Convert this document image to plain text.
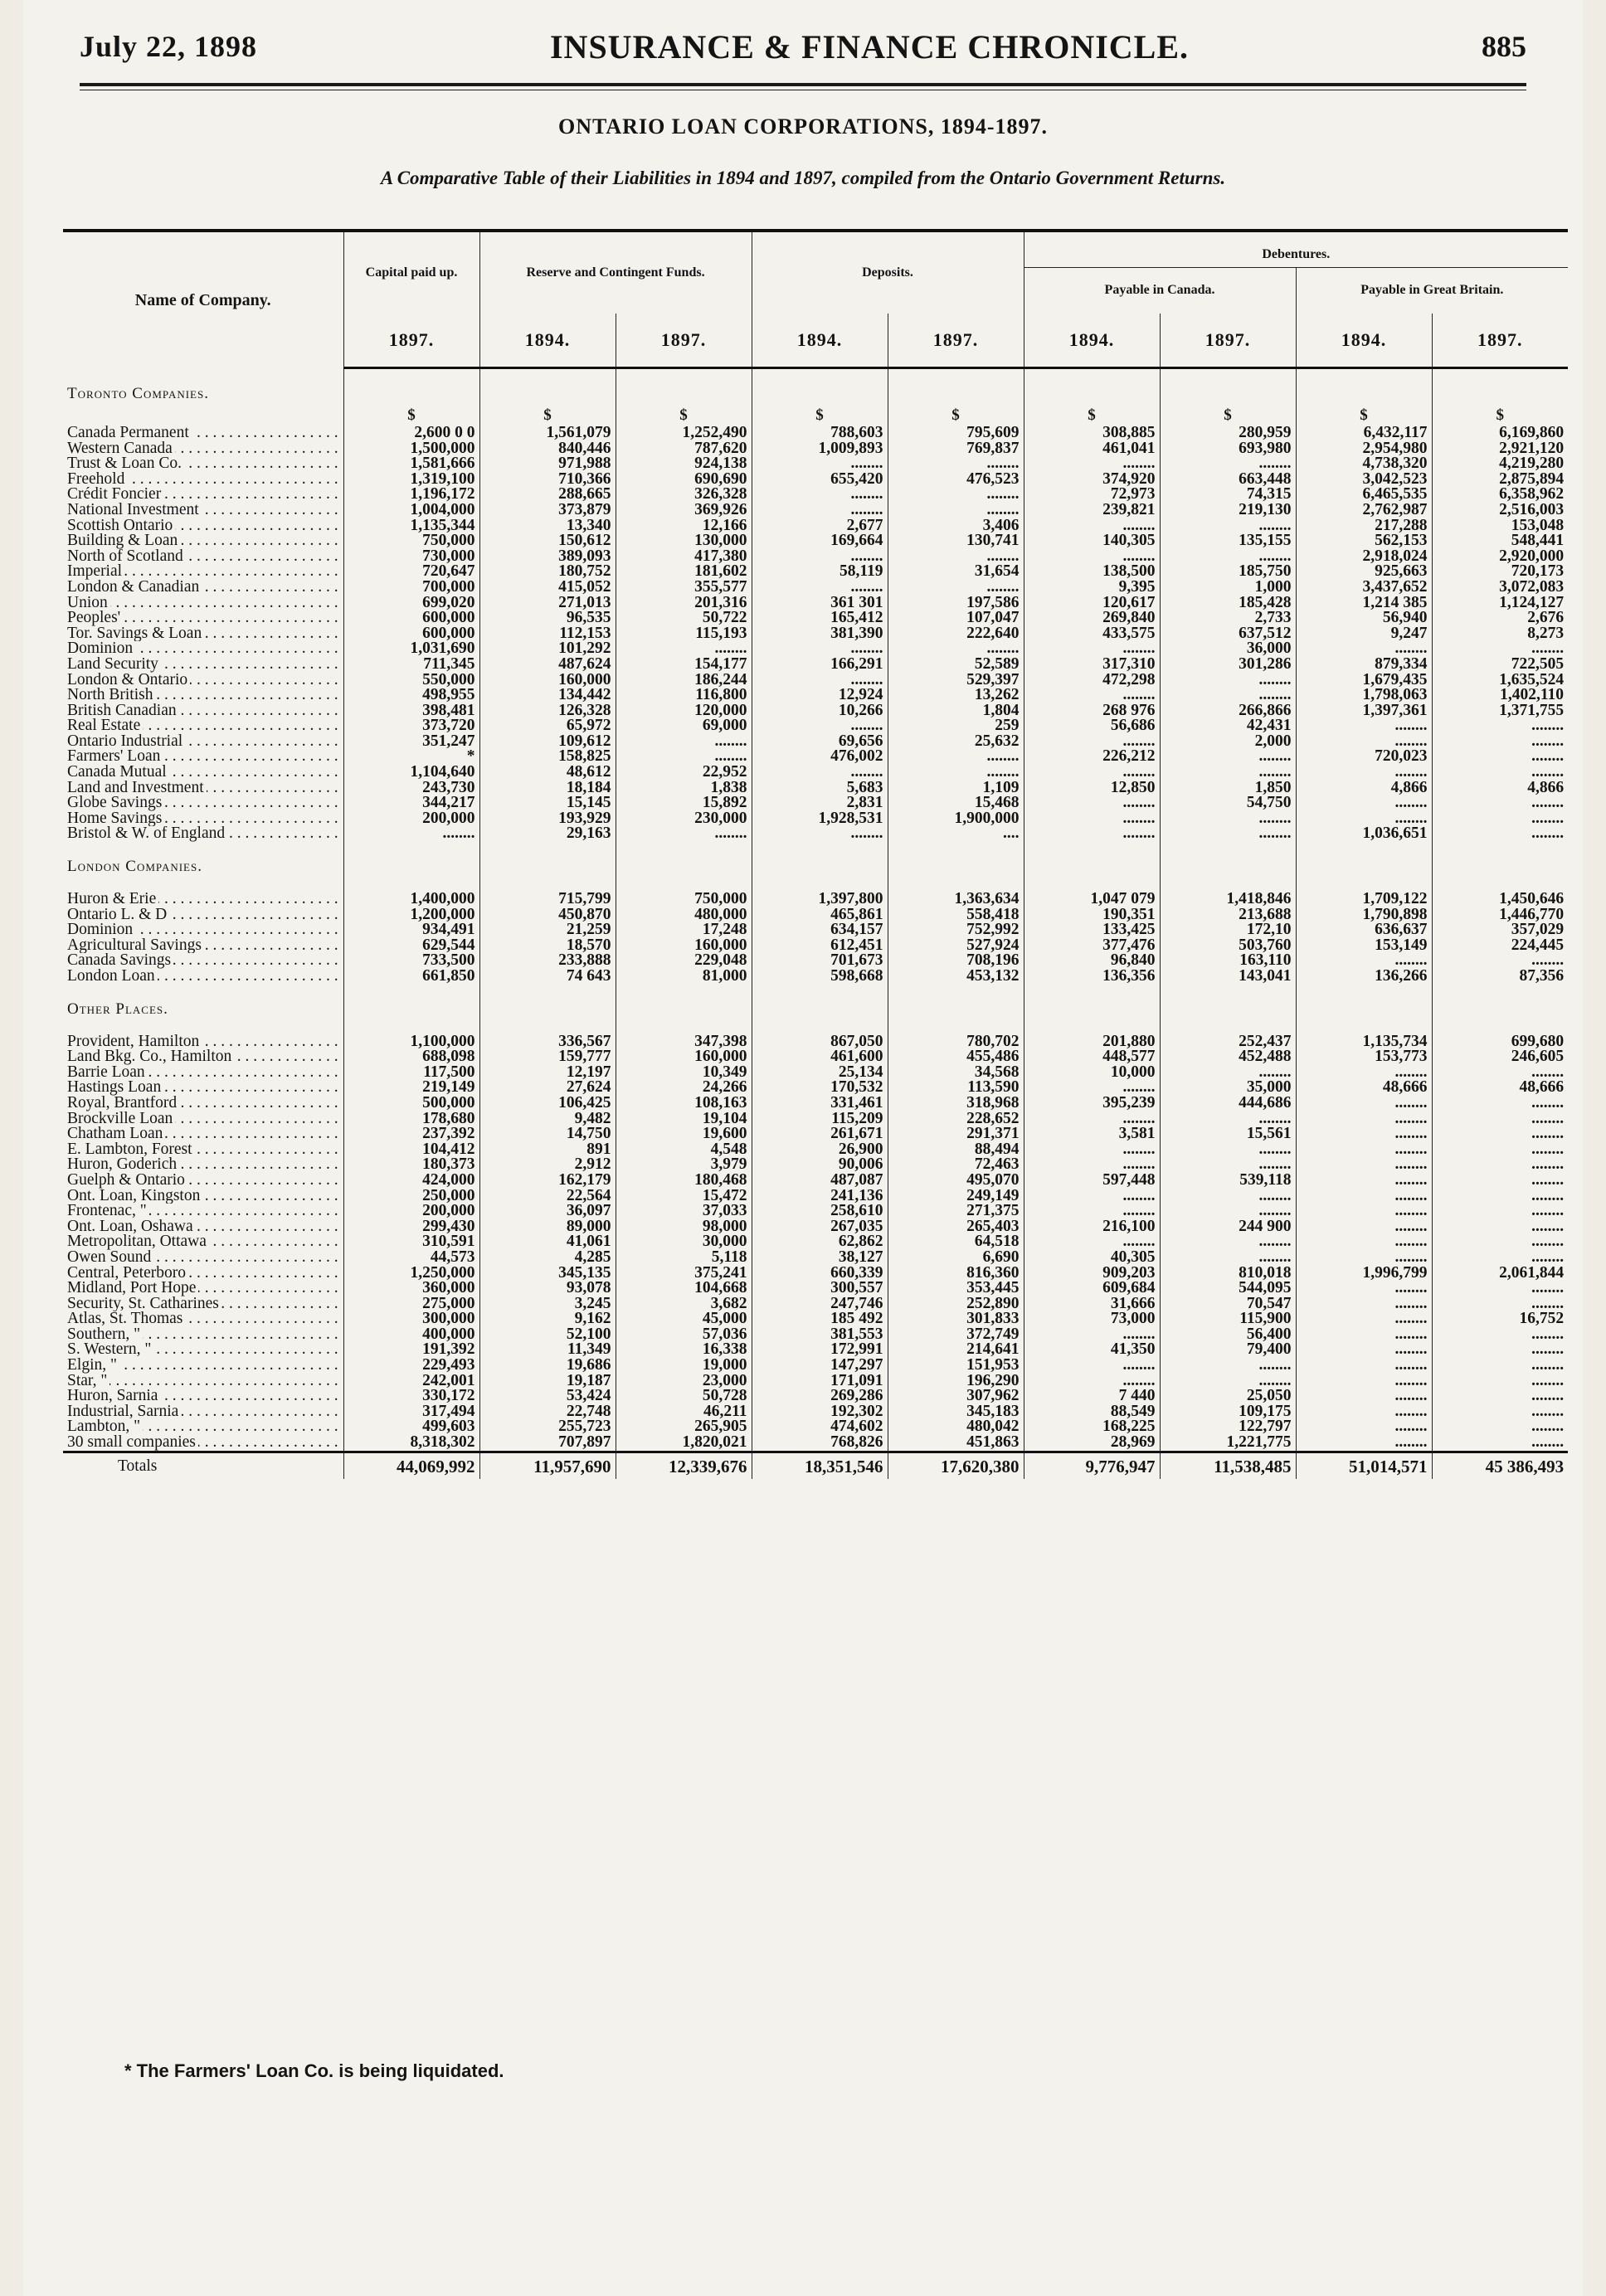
July 22, 1898	INSURANCE & FINANCE CHRONICLE.	885
ONTARIO LOAN CORPORATIONS, 1894-1897.
A Comparative Table of their Liabilities in 1894 and 1897, compiled from the Ontario Government Returns.
Name of Company.	Capital paid up.	Reserve and Contingent Funds.		Deposits.		Debentures.			
						Payable in Canada.		Payable in Great Britain.	
	1897.	1894.	1897.	1894.	1897.	1894.	1897.	1894.	1897.
Toronto Companies.									
	$	$	$	$	$	$	$	$	$

Canada Permanent . . .	2,600 0 0	1,561,079	1,252,490	788,603	795,609	308,885	280,959	6,432,117	6,169,860

Western Canada . . .	1,500,000	840,446	787,620	1,009,893	769,837	461,041	693,980	2,954,980	2,921,120

Trust & Loan Co. . . .	1,581,666	971,988	924,138	........	........	........	........	4,738,320	4,219,280

Freehold . . .	1,319,100	710,366	690,690	655,420	476,523	374,920	663,448	3,042,523	2,875,894

Crédit Foncier . . .	1,196,172	288,665	326,328	........	........	72,973	74,315	6,465,535	6,358,962

National Investment . . .	1,004,000	373,879	369,926	........	........	239,821	219,130	2,762,987	2,516,003

Scottish Ontario . . .	1,135,344	13,340	12,166	2,677	3,406	........	........	217,288	153,048

Building & Loan . . .	750,000	150,612	130,000	169,664	130,741	140,305	135,155	562,153	548,441

North of Scotland . . .	730,000	389,093	417,380	........	........	........	........	2,918,024	2,920,000

Imperial . . .	720,647	180,752	181,602	58,119	31,654	138,500	185,750	925,663	720,173

London & Canadian . . .	700,000	415,052	355,577	........	........	9,395	1,000	3,437,652	3,072,083

Union . . .	699,020	271,013	201,316	361 301	197,586	120,617	185,428	1,214 385	1,124,127

Peoples' . . .	600,000	96,535	50,722	165,412	107,047	269,840	2,733	56,940	2,676

Tor. Savings & Loan . . .	600,000	112,153	115,193	381,390	222,640	433,575	637,512	9,247	8,273

Dominion . . .	1,031,690	101,292	........	........	........	........	36,000	........	........

Land Security . . .	711,345	487,624	154,177	166,291	52,589	317,310	301,286	879,334	722,505

London & Ontario . . .	550,000	160,000	186,244	........	529,397	472,298	........	1,679,435	1,635,524

North British . . .	498,955	134,442	116,800	12,924	13,262	........	........	1,798,063	1,402,110

British Canadian . . .	398,481	126,328	120,000	10,266	1,804	268 976	266,866	1,397,361	1,371,755

Real Estate . . .	373,720	65,972	69,000	........	259	56,686	42,431	........	........

Ontario Industrial . . .	351,247	109,612	........	69,656	25,632	........	2,000	........	........

Farmers' Loan . . .	*	158,825	........	476,002	........	226,212	........	720,023	........

Canada Mutual . . .	1,104,640	48,612	22,952	........	........	........	........	........	........

Land and Investment . . .	243,730	18,184	1,838	5,683	1,109	12,850	1,850	4,866	4,866

Globe Savings . . .	344,217	15,145	15,892	2,831	15,468	........	54,750	........	........

Home Savings . . .	200,000	193,929	230,000	1,928,531	1,900,000	........	........	........	........

Bristol & W. of England . . .	........	29,163	........	........	....	........	........	1,036,651	........
London Companies.									

Huron & Erie . . .	1,400,000	715,799	750,000	1,397,800	1,363,634	1,047 079	1,418,846	1,709,122	1,450,646

Ontario L. & D . . .	1,200,000	450,870	480,000	465,861	558,418	190,351	213,688	1,790,898	1,446,770

Dominion . . .	934,491	21,259	17,248	634,157	752,992	133,425	172,10	636,637	357,029

Agricultural Savings . . .	629,544	18,570	160,000	612,451	527,924	377,476	503,760	153,149	224,445

Canada Savings . . .	733,500	233,888	229,048	701,673	708,196	96,840	163,110	........	........

London Loan . . .	661,850	74 643	81,000	598,668	453,132	136,356	143,041	136,266	87,356
Other Places.									

Provident, Hamilton . . .	1,100,000	336,567	347,398	867,050	780,702	201,880	252,437	1,135,734	699,680

Land Bkg. Co., Hamilton . . .	688,098	159,777	160,000	461,600	455,486	448,577	452,488	153,773	246,605

Barrie Loan . . .	117,500	12,197	10,349	25,134	34,568	10,000	........	........	........

Hastings Loan . . .	219,149	27,624	24,266	170,532	113,590	........	35,000	48,666	48,666

Royal, Brantford . . .	500,000	106,425	108,163	331,461	318,968	395,239	444,686	........	........

Brockville Loan . . .	178,680	9,482	19,104	115,209	228,652	........	........	........	........

Chatham Loan . . .	237,392	14,750	19,600	261,671	291,371	3,581	15,561	........	........

E. Lambton, Forest . . .	104,412	891	4,548	26,900	88,494	........	........	........	........

Huron, Goderich . . .	180,373	2,912	3,979	90,006	72,463	........	........	........	........

Guelph & Ontario . . .	424,000	162,179	180,468	487,087	495,070	597,448	539,118	........	........

Ont. Loan, Kingston . . .	250,000	22,564	15,472	241,136	249,149	........	........	........	........

Frontenac, " . . .	200,000	36,097	37,033	258,610	271,375	........	........	........	........

Ont. Loan, Oshawa . . .	299,430	89,000	98,000	267,035	265,403	216,100	244 900	........	........

Metropolitan, Ottawa . . .	310,591	41,061	30,000	62,862	64,518	........	........	........	........

Owen Sound . . .	44,573	4,285	5,118	38,127	6,690	40,305	........	........	........

Central, Peterboro . . .	1,250,000	345,135	375,241	660,339	816,360	909,203	810,018	1,996,799	2,061,844

Midland, Port Hope . . .	360,000	93,078	104,668	300,557	353,445	609,684	544,095	........	........

Security, St. Catharines . . .	275,000	3,245	3,682	247,746	252,890	31,666	70,547	........	........

Atlas, St. Thomas . . .	300,000	9,162	45,000	185 492	301,833	73,000	115,900	........	16,752

Southern, " . . .	400,000	52,100	57,036	381,553	372,749	........	56,400	........	........

S. Western, " . . .	191,392	11,349	16,338	172,991	214,641	41,350	79,400	........	........

Elgin, " . . .	229,493	19,686	19,000	147,297	151,953	........	........	........	........

Star, " . . .	242,001	19,187	23,000	171,091	196,290	........	........	........	........

Huron, Sarnia . . .	330,172	53,424	50,728	269,286	307,962	7 440	25,050	........	........

Industrial, Sarnia . . .	317,494	22,748	46,211	192,302	345,183	88,549	109,175	........	........

Lambton, " . . .	499,603	255,723	265,905	474,602	480,042	168,225	122,797	........	........

30 small companies . . .	8,318,302	707,897	1,820,021	768,826	451,863	28,969	1,221,775	........	........
Totals	44,069,992	11,957,690	12,339,676	18,351,546	17,620,380	9,776,947	11,538,485	51,014,571	45 386,493
* The Farmers' Loan Co. is being liquidated.
